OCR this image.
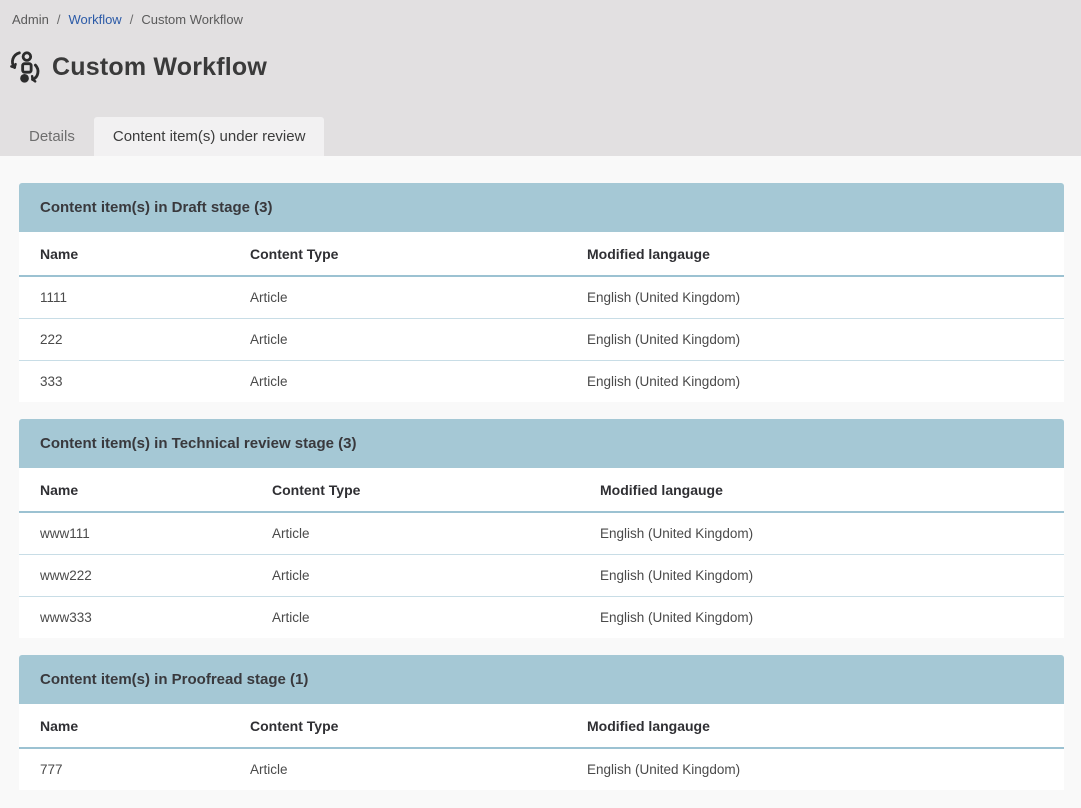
Admin / Workflow / Custom Workflow
Custom Workflow
Details	Content item(s) under review
Content item(s) in Draft stage (3)
Name	Content Type	Modified langauge
1111	Article	English (United Kingdom)
222	Article	English (United Kingdom)
333	Article	English (United Kingdom)
Content item(s) in Technical review stage (3)
Name	Content Type	Modified langauge
www111	Article	English (United Kingdom)
www222	Article	English (United Kingdom)
www333	Article	English (United Kingdom)
Content item(s) in Proofread stage (1)
Name	Content Type	Modified langauge
777	Article	English (United Kingdom)
